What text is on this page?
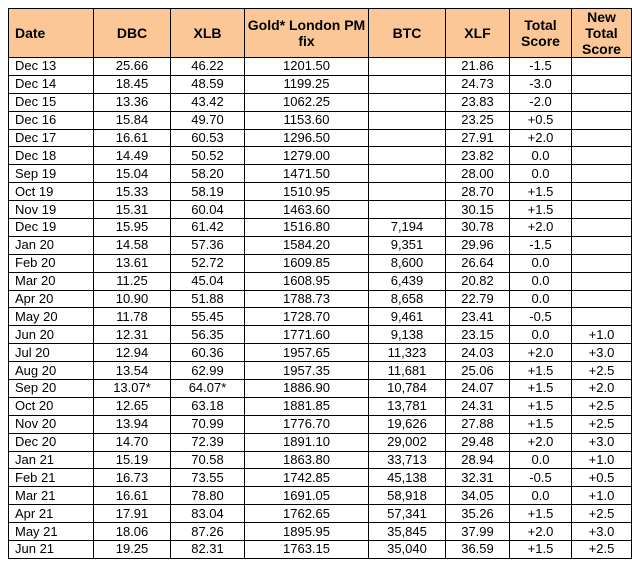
Date	DBC	XLB	Gold* London PM fix	BTC	XLF	Total Score	New Total Score
Dec 13	25.66	46.22	1201.50		21.86	-1.5	
Dec 14	18.45	48.59	1199.25		24.73	-3.0	
Dec 15	13.36	43.42	1062.25		23.83	-2.0	
Dec 16	15.84	49.70	1153.60		23.25	+0.5	
Dec 17	16.61	60.53	1296.50		27.91	+2.0	
Dec 18	14.49	50.52	1279.00		23.82	0.0	
Sep 19	15.04	58.20	1471.50		28.00	0.0	
Oct 19	15.33	58.19	1510.95		28.70	+1.5	
Nov 19	15.31	60.04	1463.60		30.15	+1.5	
Dec 19	15.95	61.42	1516.80	7,194	30.78	+2.0	
Jan 20	14.58	57.36	1584.20	9,351	29.96	-1.5	
Feb 20	13.61	52.72	1609.85	8,600	26.64	0.0	
Mar 20	11.25	45.04	1608.95	6,439	20.82	0.0	
Apr 20	10.90	51.88	1788.73	8,658	22.79	0.0	
May 20	11.78	55.45	1728.70	9,461	23.41	-0.5	
Jun 20	12.31	56.35	1771.60	9,138	23.15	0.0	+1.0
Jul 20	12.94	60.36	1957.65	11,323	24.03	+2.0	+3.0
Aug 20	13.54	62.99	1957.35	11,681	25.06	+1.5	+2.5
Sep 20	13.07*	64.07*	1886.90	10,784	24.07	+1.5	+2.0
Oct 20	12.65	63.18	1881.85	13,781	24.31	+1.5	+2.5
Nov 20	13.94	70.99	1776.70	19,626	27.88	+1.5	+2.5
Dec 20	14.70	72.39	1891.10	29,002	29.48	+2.0	+3.0
Jan 21	15.19	70.58	1863.80	33,713	28.94	0.0	+1.0
Feb 21	16.73	73.55	1742.85	45,138	32.31	-0.5	+0.5
Mar 21	16.61	78.80	1691.05	58,918	34.05	0.0	+1.0
Apr 21	17.91	83.04	1762.65	57,341	35.26	+1.5	+2.5
May 21	18.06	87.26	1895.95	35,845	37.99	+2.0	+3.0
Jun 21	19.25	82.31	1763.15	35,040	36.59	+1.5	+2.5
